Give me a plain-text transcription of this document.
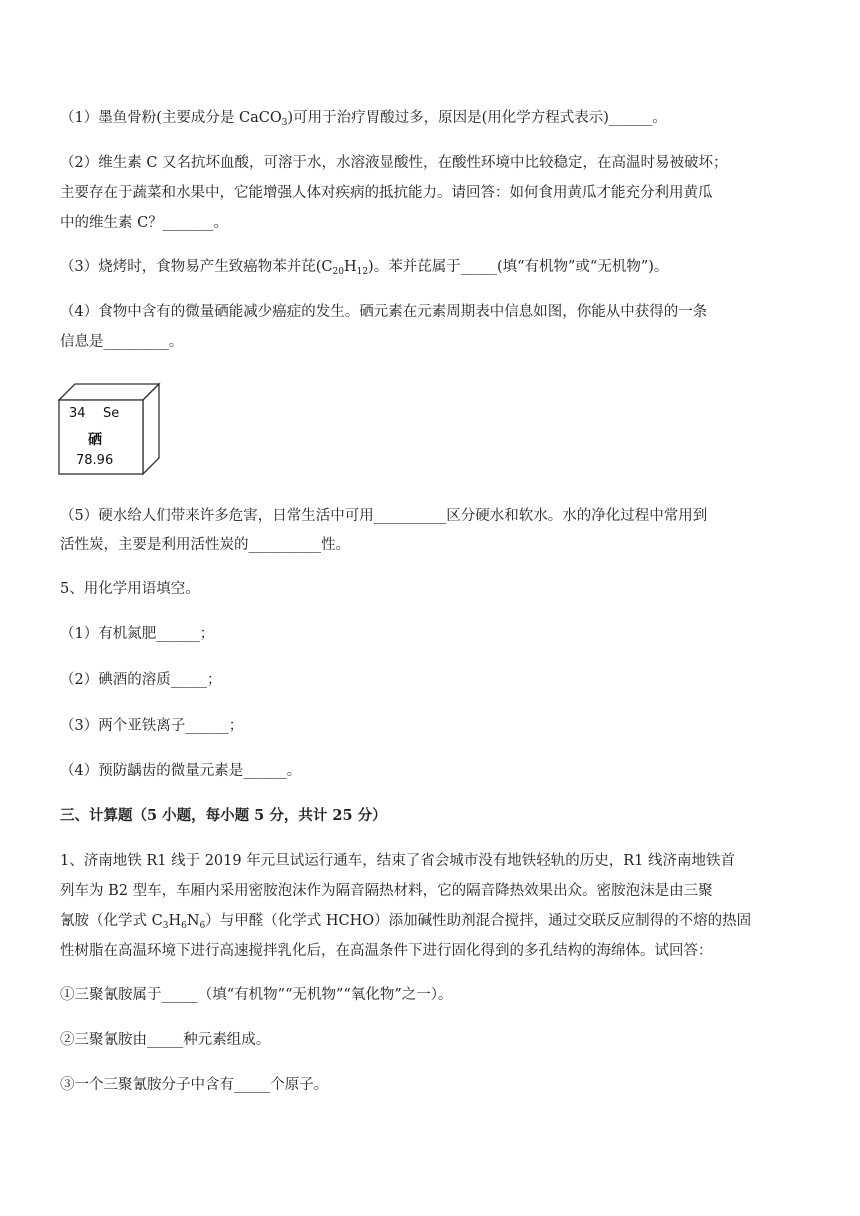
（1）墨鱼骨粉(主要成分是 CaCO$_3$)可用于治疗胃酸过多，原因是(用化学方程式表示)______。
（2）维生素 C 又名抗坏血酸，可溶于水，水溶液显酸性，在酸性环境中比较稳定，在高温时易被破坏；
主要存在于蔬菜和水果中，它能增强人体对疾病的抵抗能力。请回答：如何食用黄瓜才能充分利用黄瓜
中的维生素 C？_______。
（3）烧烤时，食物易产生致癌物苯并芘$(C_{20}H_{12})$。苯并芘属于_____(填“有机物”或“无机物”)。
（4）食物中含有的微量硒能减少癌症的发生。硒元素在元素周期表中信息如图，你能从中获得的一条
信息是_________。
34 Se
硒
78.96
（5）硬水给人们带来许多危害，日常生活中可用__________区分硬水和软水。水的净化过程中常用到
活性炭，主要是利用活性炭的__________性。
5、用化学用语填空。
（1）有机氮肥______；
（2）碘酒的溶质_____；
（3）两个亚铁离子______；
（4）预防龋齿的微量元素是______。
三、计算题（5 小题，每小题 5 分，共计 25 分）
1、济南地铁 R1 线于 2019 年元旦试运行通车，结束了省会城市没有地铁轻轨的历史，R1 线济南地铁首
列车为 B2 型车，车厢内采用密胺泡沫作为隔音隔热材料，它的隔音降热效果出众。密胺泡沫是由三聚
氰胺（化学式 $C_3H_6N_6$）与甲醛（化学式 HCHO）添加碱性助剂混合搅拌，通过交联反应制得的不熔的热固
性树脂在高温环境下进行高速搅拌乳化后，在高温条件下进行固化得到的多孔结构的海绵体。试回答：
①三聚氰胺属于_____（填“有机物”“无机物”“氧化物”之一）。
②三聚氰胺由_____种元素组成。
③一个三聚氰胺分子中含有_____个原子。
